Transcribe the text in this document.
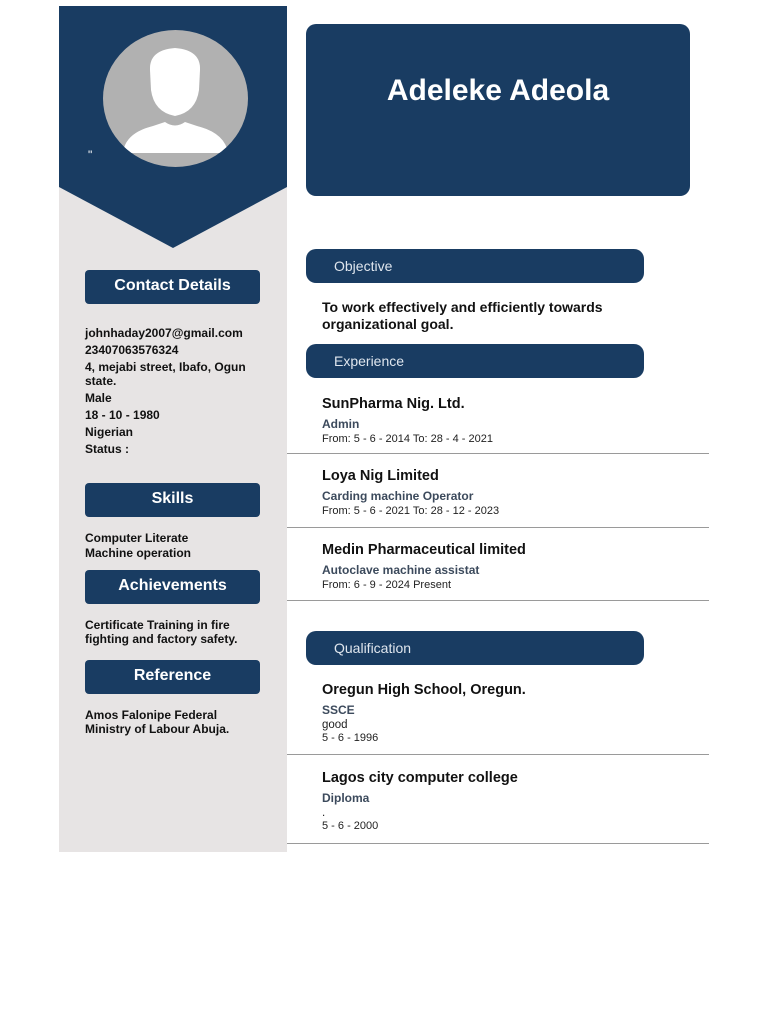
"
Contact Details
johnhaday2007@gmail.com
23407063576324
4, mejabi street, Ibafo, Ogun state.
Male
18 - 10 - 1980
Nigerian
Status :
Skills
Computer Literate
Machine operation
Achievements
Certificate Training in fire fighting and factory safety.
Reference
Amos Falonipe Federal Ministry of Labour Abuja.
Adeleke Adeola
Objective
To work effectively and efficiently towards organizational goal.
Experience
SunPharma Nig. Ltd.
Admin
From: 5 - 6 - 2014 To: 28 - 4 - 2021
Loya Nig Limited
Carding machine Operator
From: 5 - 6 - 2021 To: 28 - 12 - 2023
Medin Pharmaceutical limited
Autoclave machine assistat
From: 6 - 9 - 2024 Present
Qualification
Oregun High School, Oregun.
SSCE
good
5 - 6 - 1996
Lagos city computer college
Diploma
.
5 - 6 - 2000
